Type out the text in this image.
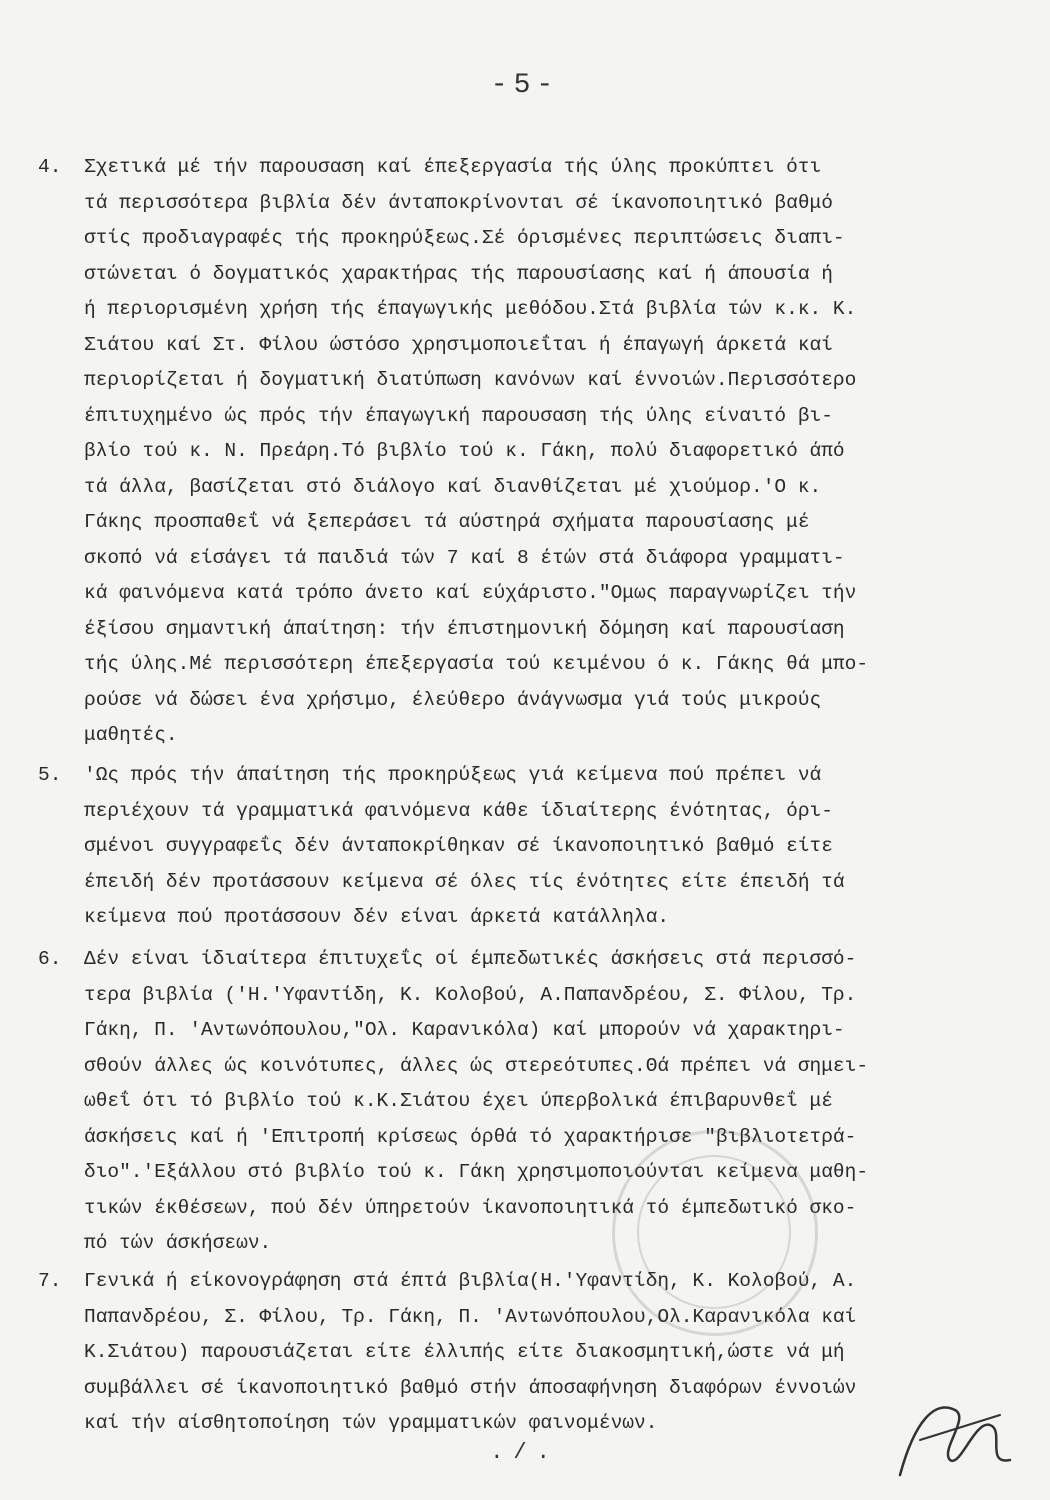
-5-
4.	Σχετικά μέ τήν παρουσαση καί έπεξεργασία τής ύλης προκύπτει ότι
τά περισσότερα βιβλία δέν άνταποκρίνονται σέ ίκανοποιητικό βαθμό
στίς προδιαγραφές τής προκηρύξεως.Σέ όρισμένες περιπτώσεις διαπι-
στώνεται ό δογματικός χαρακτήρας τής παρουσίασης καί ή άπουσία ή
ή περιορισμένη χρήση τής έπαγωγικής μεθόδου.Στά βιβλία τών κ.κ. Κ.
Σιάτου καί Στ. Φίλου ώστόσο χρησιμοποιεΐται ή έπαγωγή άρκετά καί
περιορίζεται ή δογματική διατύπωση κανόνων καί έννοιών.Περισσότερο
έπιτυχημένο ώς πρός τήν έπαγωγική παρουσαση τής ύλης είναιτό βι-
βλίο τού κ. Ν. Πρεάρη.Τό βιβλίο τού κ. Γάκη, πολύ διαφορετικό άπό
τά άλλα, βασίζεται στό διάλογο καί διανθίζεται μέ χιούμορ.'Ο κ.
Γάκης προσπαθεΐ νά ξεπεράσει τά αύστηρά σχήματα παρουσίασης μέ
σκοπό νά είσάγει τά παιδιά τών 7 καί 8 έτών στά διάφορα γραμματι-
κά φαινόμενα κατά τρόπο άνετο καί εύχάριστο."Ομως παραγνωρίζει τήν
έξίσου σημαντική άπαίτηση: τήν έπιστημονική δόμηση καί παρουσίαση
τής ύλης.Μέ περισσότερη έπεξεργασία τού κειμένου ό κ. Γάκης θά μπο-
ρούσε νά δώσει ένα χρήσιμο, έλεύθερο άνάγνωσμα γιά τούς μικρούς
μαθητές.
5.	'Ως πρός τήν άπαίτηση τής προκηρύξεως γιά κείμενα πού πρέπει νά
περιέχουν τά γραμματικά φαινόμενα κάθε ίδιαίτερης ένότητας, όρι-
σμένοι συγγραφεΐς δέν άνταποκρίθηκαν σέ ίκανοποιητικό βαθμό είτε
έπειδή δέν προτάσσουν κείμενα σέ όλες τίς ένότητες είτε έπειδή τά
κείμενα πού προτάσσουν δέν είναι άρκετά κατάλληλα.
6.	Δέν είναι ίδιαίτερα έπιτυχεΐς οί έμπεδωτικές άσκήσεις στά περισσό-
τερα βιβλία ('Η.'Υφαντίδη, Κ. Κολοβού, Α.Παπανδρέου, Σ. Φίλου, Τρ.
Γάκη, Π. 'Αντωνόπουλου,"Ολ. Καρανικόλα) καί μπορούν νά χαρακτηρι-
σθούν άλλες ώς κοινότυπες, άλλες ώς στερεότυπες.Θά πρέπει νά σημει-
ωθεΐ ότι τό βιβλίο τού κ.Κ.Σιάτου έχει ύπερβολικά έπιβαρυνθεΐ μέ
άσκήσεις καί ή 'Επιτροπή κρίσεως όρθά τό χαρακτήρισε "βιβλιοτετρά-
διο".'Εξάλλου στό βιβλίο τού κ. Γάκη χρησιμοποιούνται κείμενα μαθη-
τικών έκθέσεων, πού δέν ύπηρετούν ίκανοποιητικά τό έμπεδωτικό σκο-
πό τών άσκήσεων.
7.	Γενικά ή είκονογράφηση στά έπτά βιβλία(Η.'Υφαντίδη, Κ. Κολοβού, Α.
Παπανδρέου, Σ. Φίλου, Τρ. Γάκη, Π. 'Αντωνόπουλου,Ολ.Καρανικόλα καί
Κ.Σιάτου) παρουσιάζεται είτε έλλιπής είτε διακοσμητική,ώστε νά μή
συμβάλλει σέ ίκανοποιητικό βαθμό στήν άποσαφήνηση διαφόρων έννοιών
καί τήν αίσθητοποίηση τών γραμματικών φαινομένων.
./.
